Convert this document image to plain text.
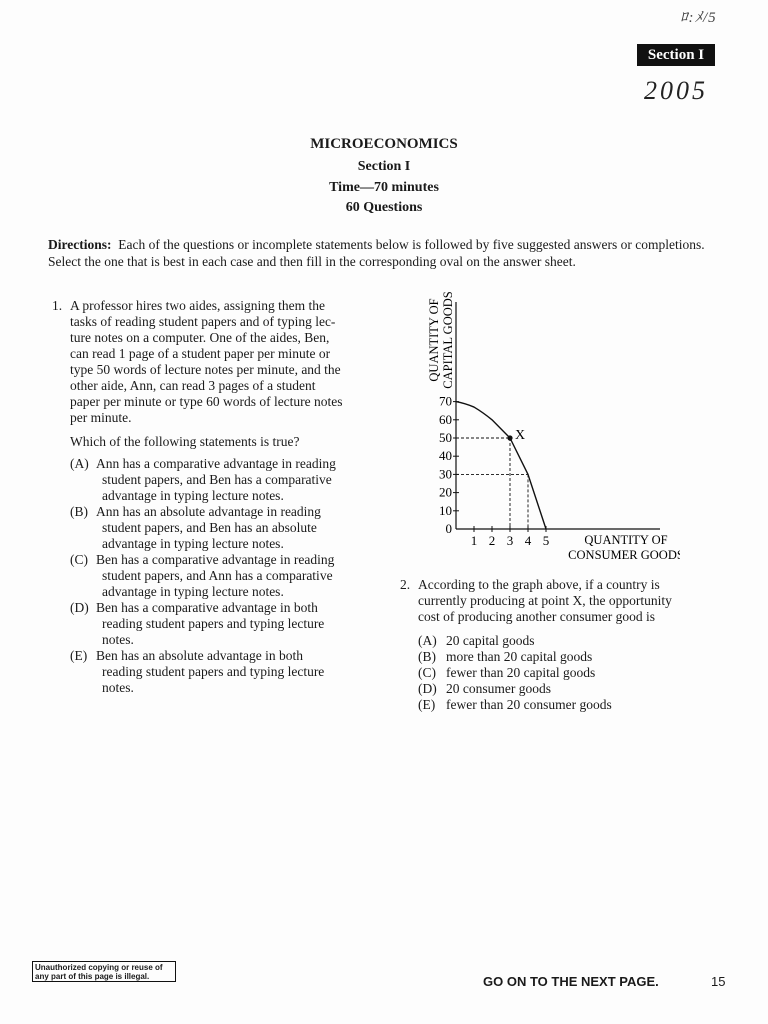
ﾛ:ﾒ/5
Section I
2005
MICROECONOMICS
Section I
Time—70 minutes
60 Questions
Directions: Each of the questions or incomplete statements below is followed by five suggested answers or completions. Select the one that is best in each case and then fill in the corresponding oval on the answer sheet.
1. A professor hires two aides, assigning them the
tasks of reading student papers and of typing lec-
ture notes on a computer. One of the aides, Ben,
can read 1 page of a student paper per minute or
type 50 words of lecture notes per minute, and the
other aide, Ann, can read 3 pages of a student
paper per minute or type 60 words of lecture notes
per minute.

Which of the following statements is true?

(A) Ann has a comparative advantage in reading
student papers, and Ben has a comparative
advantage in typing lecture notes.
(B) Ann has an absolute advantage in reading
student papers, and Ben has an absolute
advantage in typing lecture notes.
(C) Ben has a comparative advantage in reading
student papers, and Ann has a comparative
advantage in typing lecture notes.
(D) Ben has a comparative advantage in both
reading student papers and typing lecture
notes.
(E) Ben has an absolute advantage in both
reading student papers and typing lecture
notes.
QUANTITY OF CAPITAL GOODS
0
10
20
30
40
50
60
70
1 2 3 4 5
X
QUANTITY OF
CONSUMER GOODS
2. According to the graph above, if a country is
currently producing at point X, the opportunity
cost of producing another consumer good is
(A) 20 capital goods
(B) more than 20 capital goods
(C) fewer than 20 capital goods
(D) 20 consumer goods
(E) fewer than 20 consumer goods
Unauthorized copying or reuse of
any part of this page is illegal.	GO ON TO THE NEXT PAGE.	15
